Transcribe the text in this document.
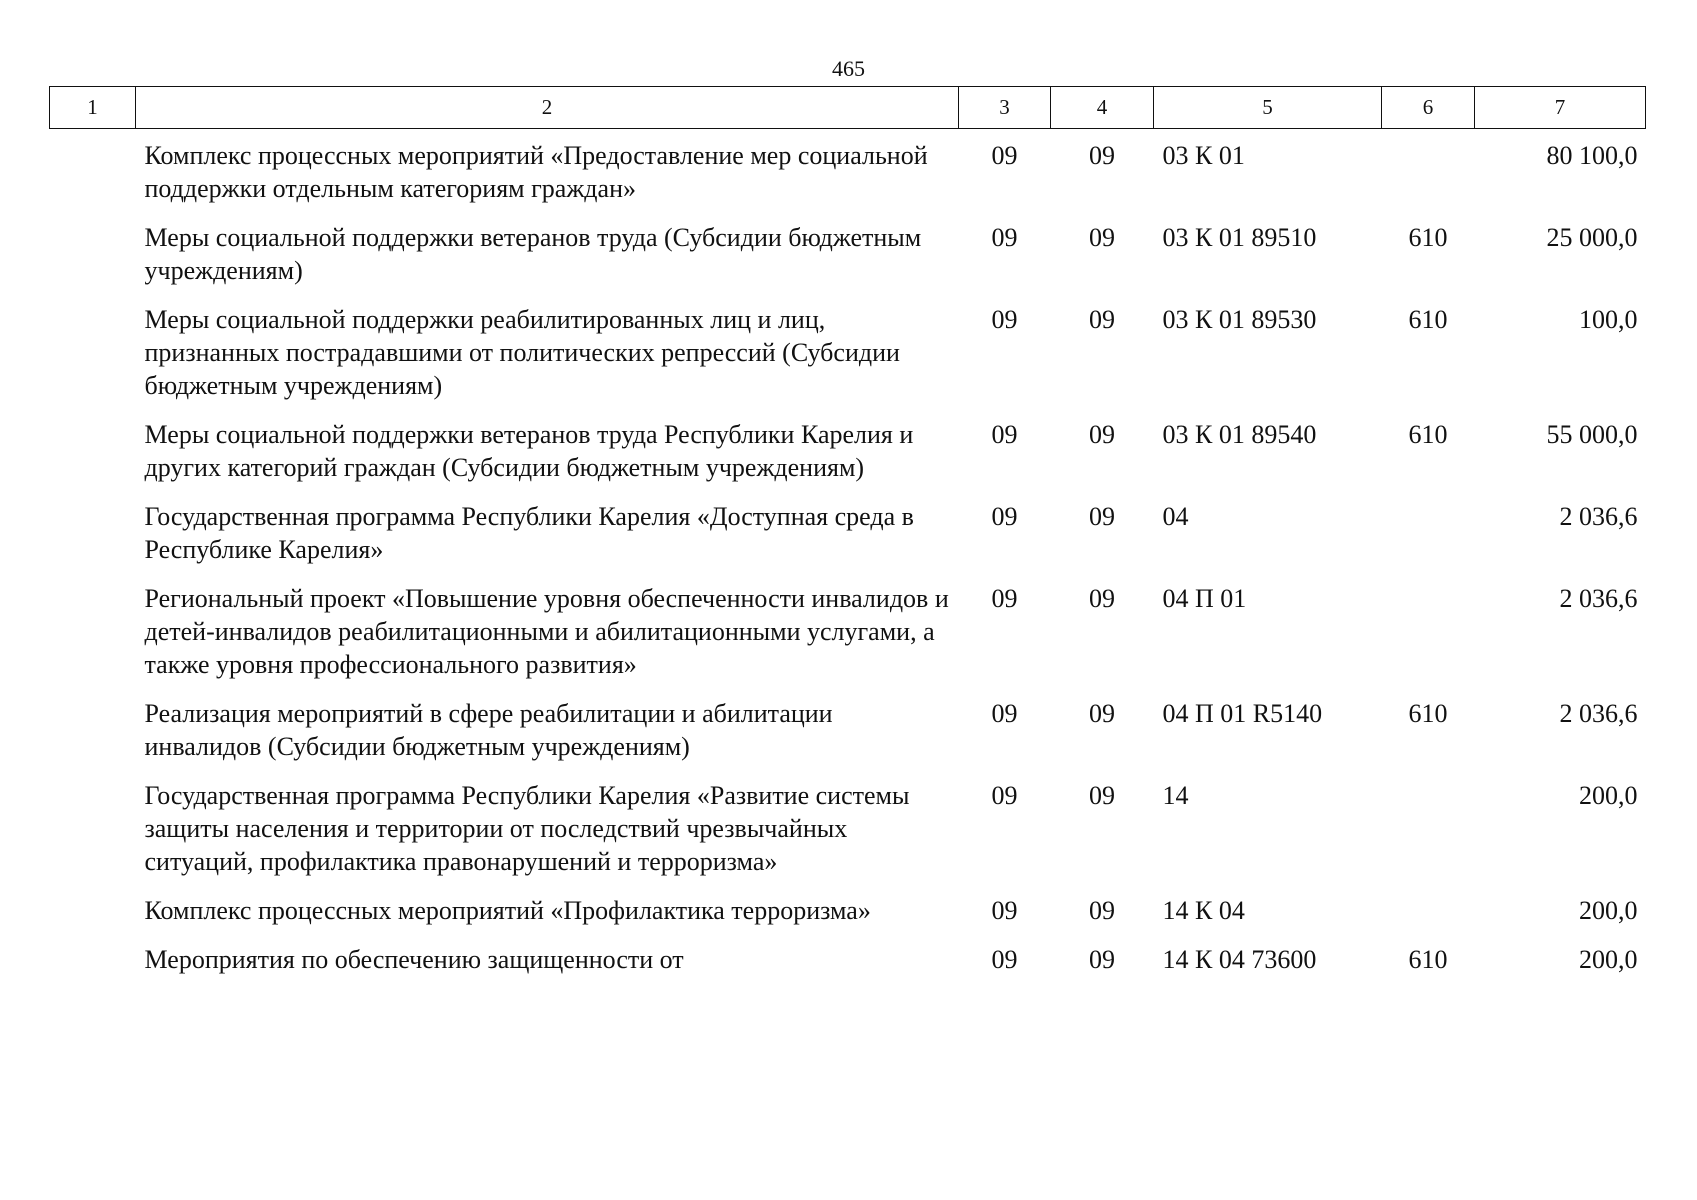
465
1	2	3	4	5	6	7
	Комплекс процессных мероприятий «Предоставление мер социальной поддержки отдельным категориям граждан»	09	09	03 К 01		80 100,0
	Меры социальной поддержки ветеранов труда (Субсидии бюджетным учреждениям)	09	09	03 К 01 89510	610	25 000,0
	Меры социальной поддержки реабилитированных лиц и лиц, признанных пострадавшими от политических репрессий (Субсидии бюджетным учреждениям)	09	09	03 К 01 89530	610	100,0
	Меры социальной поддержки ветеранов труда Республики Карелия и других категорий граждан (Субсидии бюджетным учреждениям)	09	09	03 К 01 89540	610	55 000,0
	Государственная программа Республики Карелия «Доступная среда в Республике Карелия»	09	09	04		2 036,6
	Региональный проект «Повышение уровня обеспеченности инвалидов и детей-инвалидов реабилитационными и абилитационными услугами, а также уровня профессионального развития»	09	09	04 П 01		2 036,6
	Реализация мероприятий в сфере реабилитации и абилитации инвалидов (Субсидии бюджетным учреждениям)	09	09	04 П 01 R5140	610	2 036,6
	Государственная программа Республики Карелия «Развитие системы защиты населения и территории от последствий чрезвычайных ситуаций, профилактика правонарушений и терроризма»	09	09	14		200,0
	Комплекс процессных мероприятий «Профилактика терроризма»	09	09	14 К 04		200,0
	Мероприятия по обеспечению защищенности от	09	09	14 К 04 73600	610	200,0
